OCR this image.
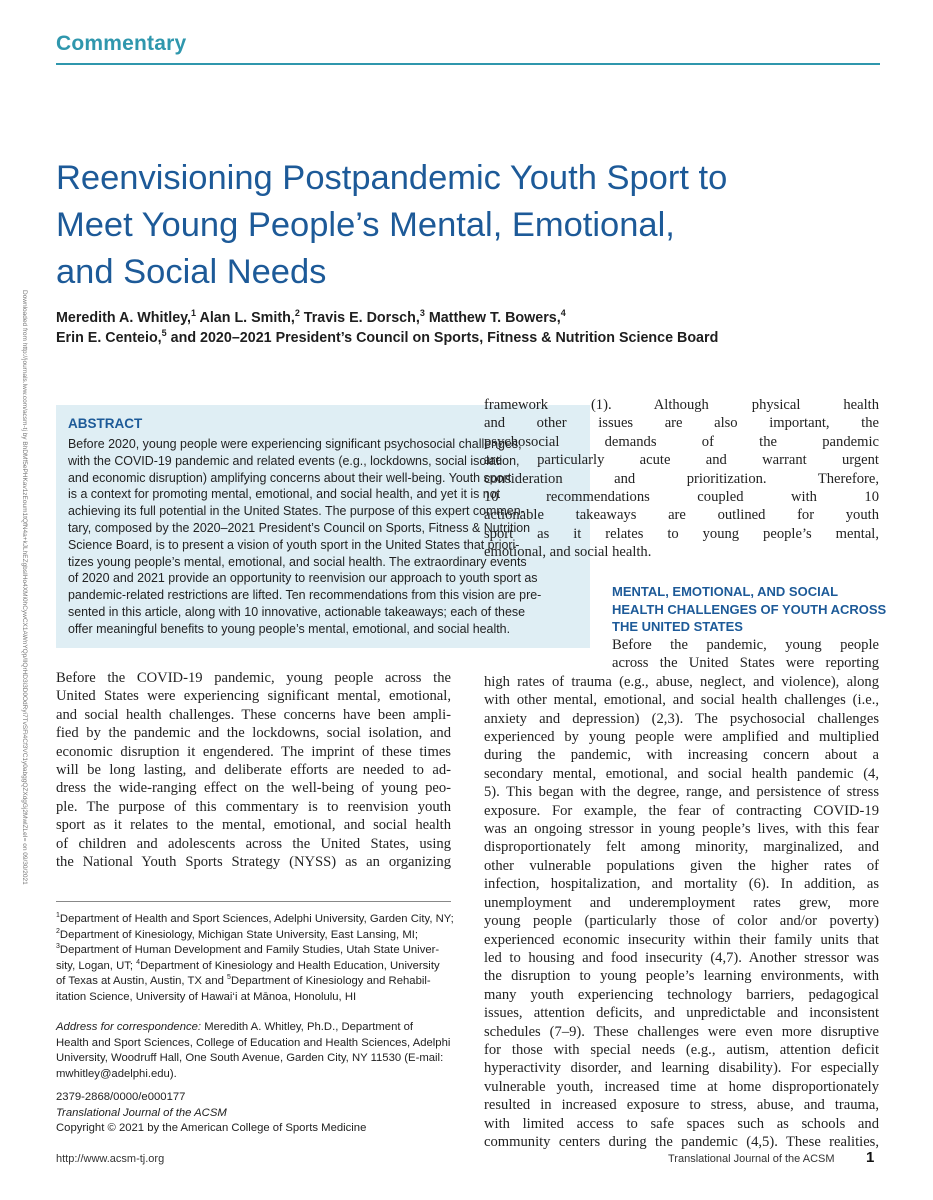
Commentary
Reenvisioning Postpandemic Youth Sport to
Meet Young People’s Mental, Emotional,
and Social Needs
Meredith A. Whitley,$^1$ Alan L. Smith,$^2$ Travis E. Dorsch,$^3$ Matthew T. Bowers,$^4$
Erin E. Centeio,$^5$ and 2020–2021 President’s Council on Sports, Fitness & Nutrition Science Board
Downloaded from http://journals.lww.com/acsm-tj by BhDMf5ePHKav1zEoum1tQfN4a+kJLhEZgbsIHo4XMi0hCywCX1AWnYQp/IlQrHD3i3D0OdRyi7TvSFl4Cf3VC1y0abggQZXdgGj2MwlZLeI= on 09/30/2021	ABSTRACT
Before 2020, young people were experiencing significant psychosocial challenges,
with the COVID-19 pandemic and related events (e.g., lockdowns, social isolation,
and economic disruption) amplifying concerns about their well-being. Youth sport
is a context for promoting mental, emotional, and social health, and yet it is not
achieving its full potential in the United States. The purpose of this expert commen-
tary, composed by the 2020–2021 President’s Council on Sports, Fitness & Nutrition
Science Board, is to present a vision of youth sport in the United States that priori-
tizes young people’s mental, emotional, and social health. The extraordinary events
of 2020 and 2021 provide an opportunity to reenvision our approach to youth sport as
pandemic-related restrictions are lifted. Ten recommendations from this vision are pre-
sented in this article, along with 10 innovative, actionable takeaways; each of these
offer meaningful benefits to young people’s mental, emotional, and social health.
Before the COVID-19 pandemic, young people across the
United States were experiencing significant mental, emotional,
and social health challenges. These concerns have been ampli-
fied by the pandemic and the lockdowns, social isolation, and
economic disruption it engendered. The imprint of these times
will be long lasting, and deliberate efforts are needed to ad-
dress the wide-ranging effect on the well-being of young peo-
ple. The purpose of this commentary is to reenvision youth
sport as it relates to the mental, emotional, and social health
of children and adolescents across the United States, using
the National Youth Sports Strategy (NYSS) as an organizing
framework (1). Although physical health
and other issues are also important, the
psychosocial demands of the pandemic
are particularly acute and warrant urgent
consideration and prioritization. Therefore,
10 recommendations coupled with 10
actionable takeaways are outlined for youth
sport as it relates to young people’s mental,
emotional, and social health.
MENTAL, EMOTIONAL, AND SOCIAL
HEALTH CHALLENGES OF YOUTH ACROSS
THE UNITED STATES
Before the pandemic, young people
across the United States were reporting
high rates of trauma (e.g., abuse, neglect, and violence), along
with other mental, emotional, and social health challenges (i.e.,
anxiety and depression) (2,3). The psychosocial challenges
experienced by young people were amplified and multiplied
during the pandemic, with increasing concern about a
secondary mental, emotional, and social health pandemic (4,
5). This began with the degree, range, and persistence of stress
exposure. For example, the fear of contracting COVID-19
was an ongoing stressor in young people’s lives, with this fear
disproportionately felt among minority, marginalized, and
other vulnerable populations given the higher rates of
infection, hospitalization, and mortality (6). In addition, as
unemployment and underemployment rates grew, more
young people (particularly those of color and/or poverty)
experienced economic insecurity within their family units that
led to housing and food insecurity (4,7). Another stressor was
the disruption to young people’s learning environments, with
many youth experiencing technology barriers, pedagogical
issues, attention deficits, and unpredictable and inconsistent
schedules (7–9). These challenges were even more disruptive
for those with special needs (e.g., autism, attention deficit
hyperactivity disorder, and learning disability). For especially
vulnerable youth, increased time at home disproportionately
resulted in increased exposure to stress, abuse, and trauma,
with limited access to safe spaces such as schools and
community centers during the pandemic (4,5). These realities,
$^1$Department of Health and Sport Sciences, Adelphi University, Garden City, NY;
$^2$Department of Kinesiology, Michigan State University, East Lansing, MI;
$^3$Department of Human Development and Family Studies, Utah State Univer-
sity, Logan, UT; $^4$Department of Kinesiology and Health Education, University
of Texas at Austin, Austin, TX and $^5$Department of Kinesiology and Rehabil-
itation Science, University of Hawai‘i at Mānoa, Honolulu, HI
Address for correspondence: Meredith A. Whitley, Ph.D., Department of
Health and Sport Sciences, College of Education and Health Sciences, Adelphi
University, Woodruff Hall, One South Avenue, Garden City, NY 11530 (E-mail:
mwhitley@adelphi.edu).
2379-2868/0000/e000177
Translational Journal of the ACSM
Copyright © 2021 by the American College of Sports Medicine
http://www.acsm-tj.org	Translational Journal of the ACSM 1
